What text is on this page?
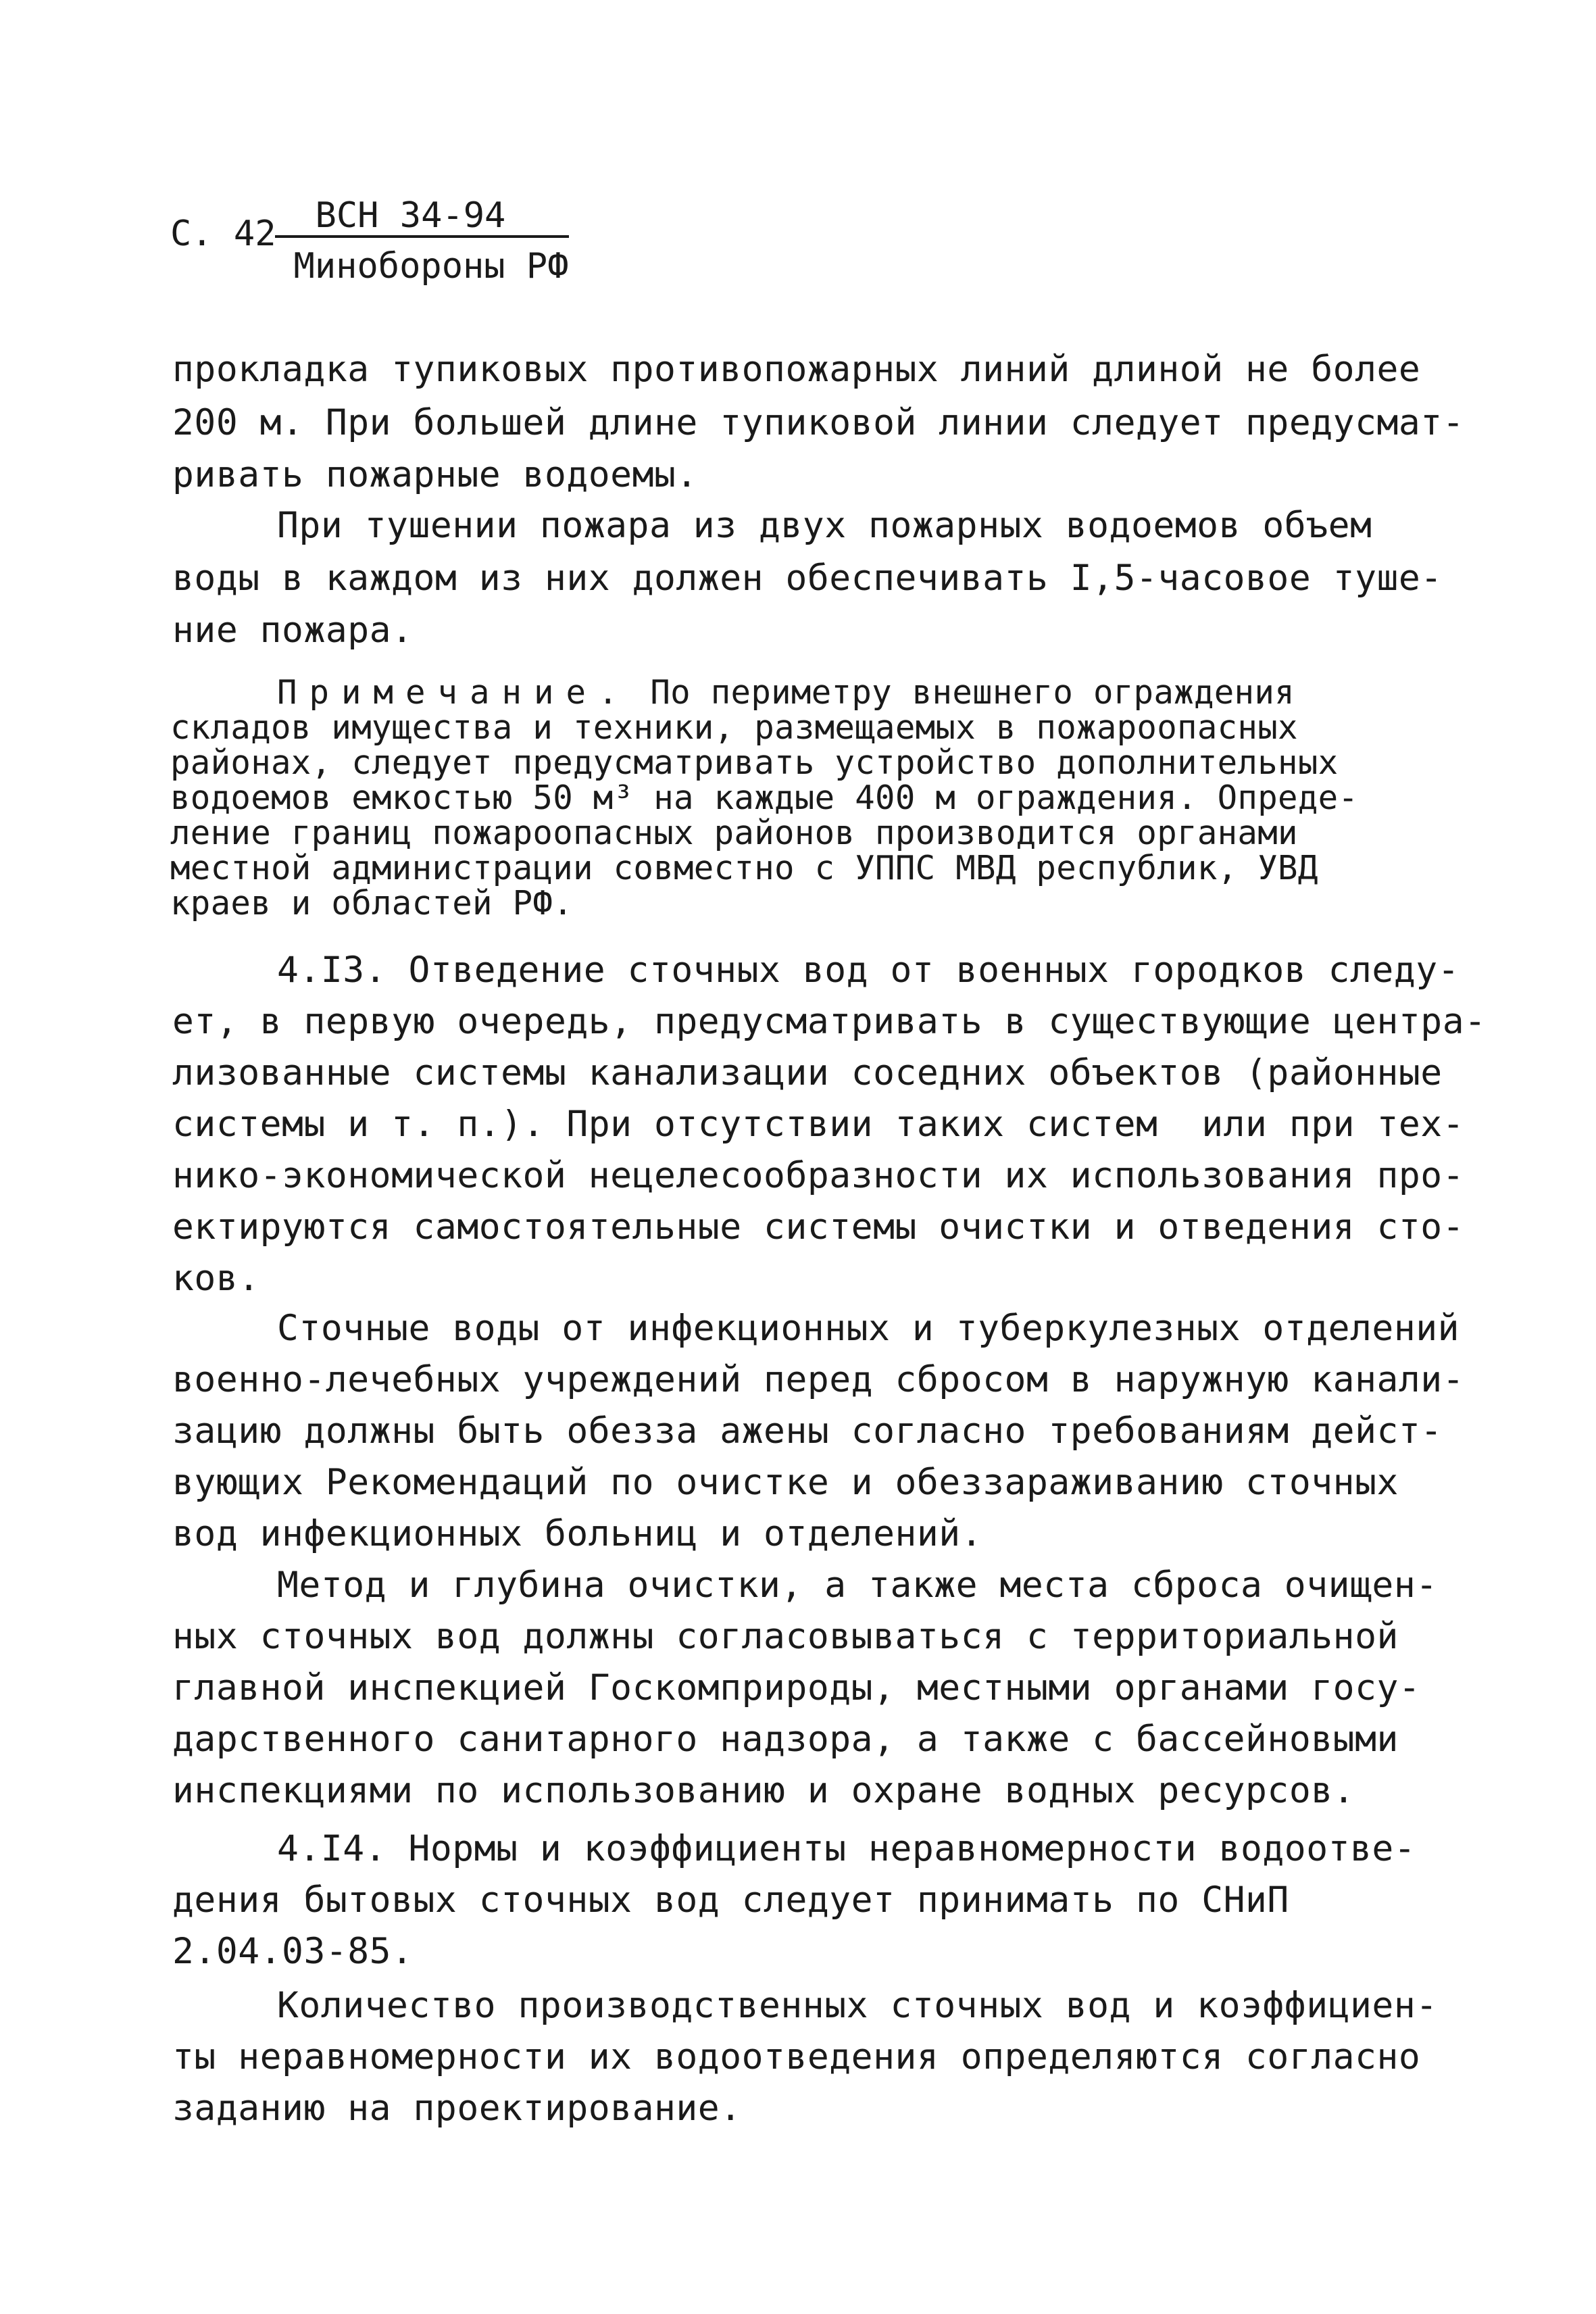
С. 42	ВСН 34-94
Минобороны РФ
прокладка тупиковых противопожарных линий длиной не более
200 м. При большей длине тупиковой линии следует предусмат-
ривать пожарные водоемы.
При тушении пожара из двух пожарных водоемов объем
воды в каждом из них должен обеспечивать I,5-часовое туше-
ние пожара.
Примечание. По периметру внешнего ограждения
складов имущества и техники, размещаемых в пожароопасных
районах, следует предусматривать устройство дополнительных
водоемов емкостью 50 м³ на каждые 400 м ограждения. Опреде-
ление границ пожароопасных районов производится органами
местной администрации совместно с УППС МВД республик, УВД
краев и областей РФ.
4.I3. Отведение сточных вод от военных городков следу-
ет, в первую очередь, предусматривать в существующие центра-
лизованные системы канализации соседних объектов (районные
системы и т. п.). При отсутствии таких систем  или при тех-
нико-экономической нецелесообразности их использования про-
ектируются самостоятельные системы очистки и отведения сто-
ков.
Сточные воды от инфекционных и туберкулезных отделений
военно-лечебных учреждений перед сбросом в наружную канали-
зацию должны быть обезза ажены согласно требованиям дейст-
вующих Рекомендаций по очистке и обеззараживанию сточных
вод инфекционных больниц и отделений.
Метод и глубина очистки, а также места сброса очищен-
ных сточных вод должны согласовываться с территориальной
главной инспекцией Госкомприроды, местными органами госу-
дарственного санитарного надзора, а также с бассейновыми
инспекциями по использованию и охране водных ресурсов.
4.I4. Нормы и коэффициенты неравномерности водоотве-
дения бытовых сточных вод следует принимать по СНиП
2.04.03-85.
Количество производственных сточных вод и коэффициен-
ты неравномерности их водоотведения определяются согласно
заданию на проектирование.
